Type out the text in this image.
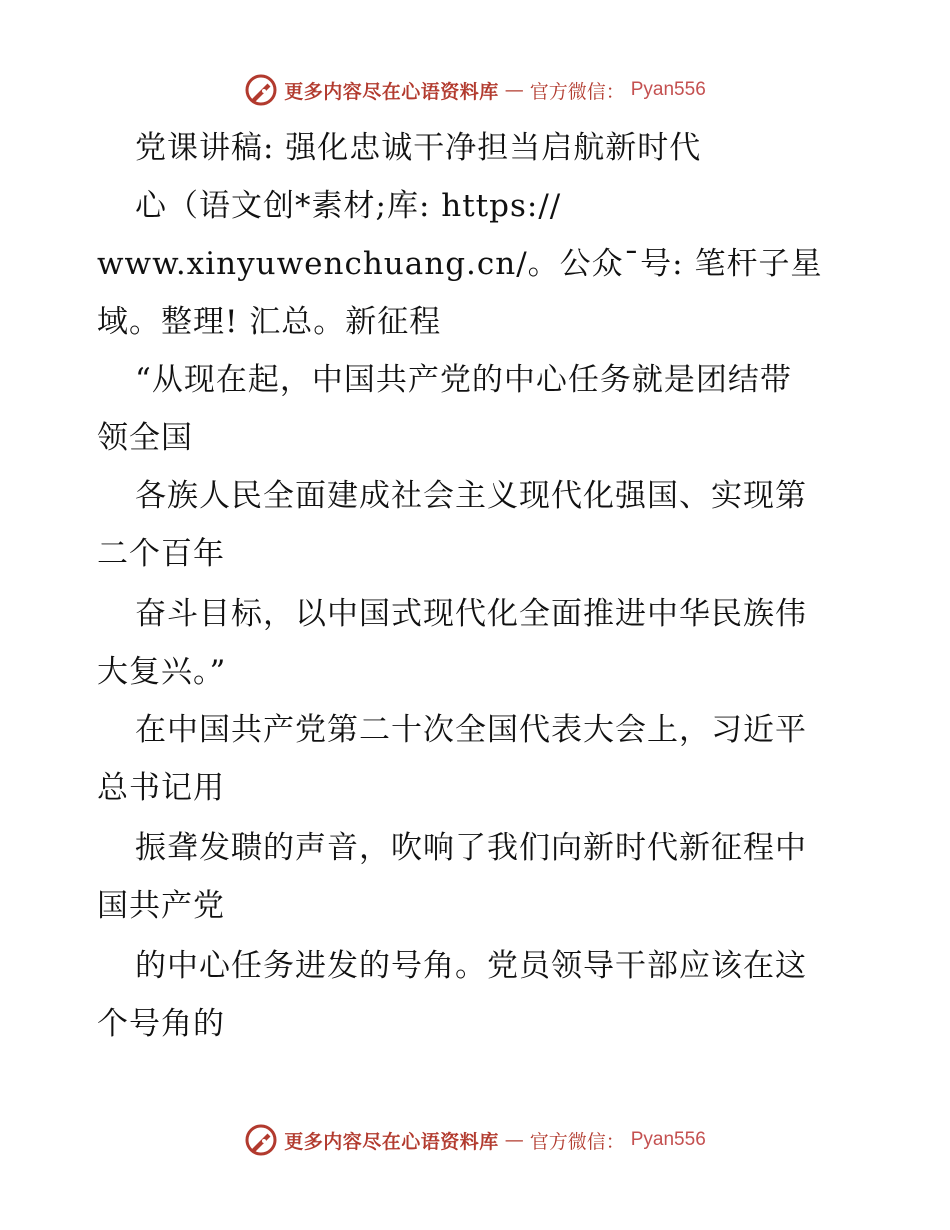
更多内容尽在心语资料库 — 官方微信： Pyan556
党课讲稿: 强化忠诚干净担当启航新时代
心（语文创*素材;库: https://
www.xinyuwenchuang.cn/。公众¯号: 笔杆子星
域。整理! 汇总。新征程
“从现在起，中国共产党的中心任务就是团结带
领全国
各族人民全面建成社会主义现代化强国、实现第
二个百年
奋斗目标，以中国式现代化全面推进中华民族伟
大复兴。”
在中国共产党第二十次全国代表大会上，习近平
总书记用
振聋发聩的声音，吹响了我们向新时代新征程中
国共产党
的中心任务进发的号角。党员领导干部应该在这
个号角的
更多内容尽在心语资料库 — 官方微信： Pyan556
